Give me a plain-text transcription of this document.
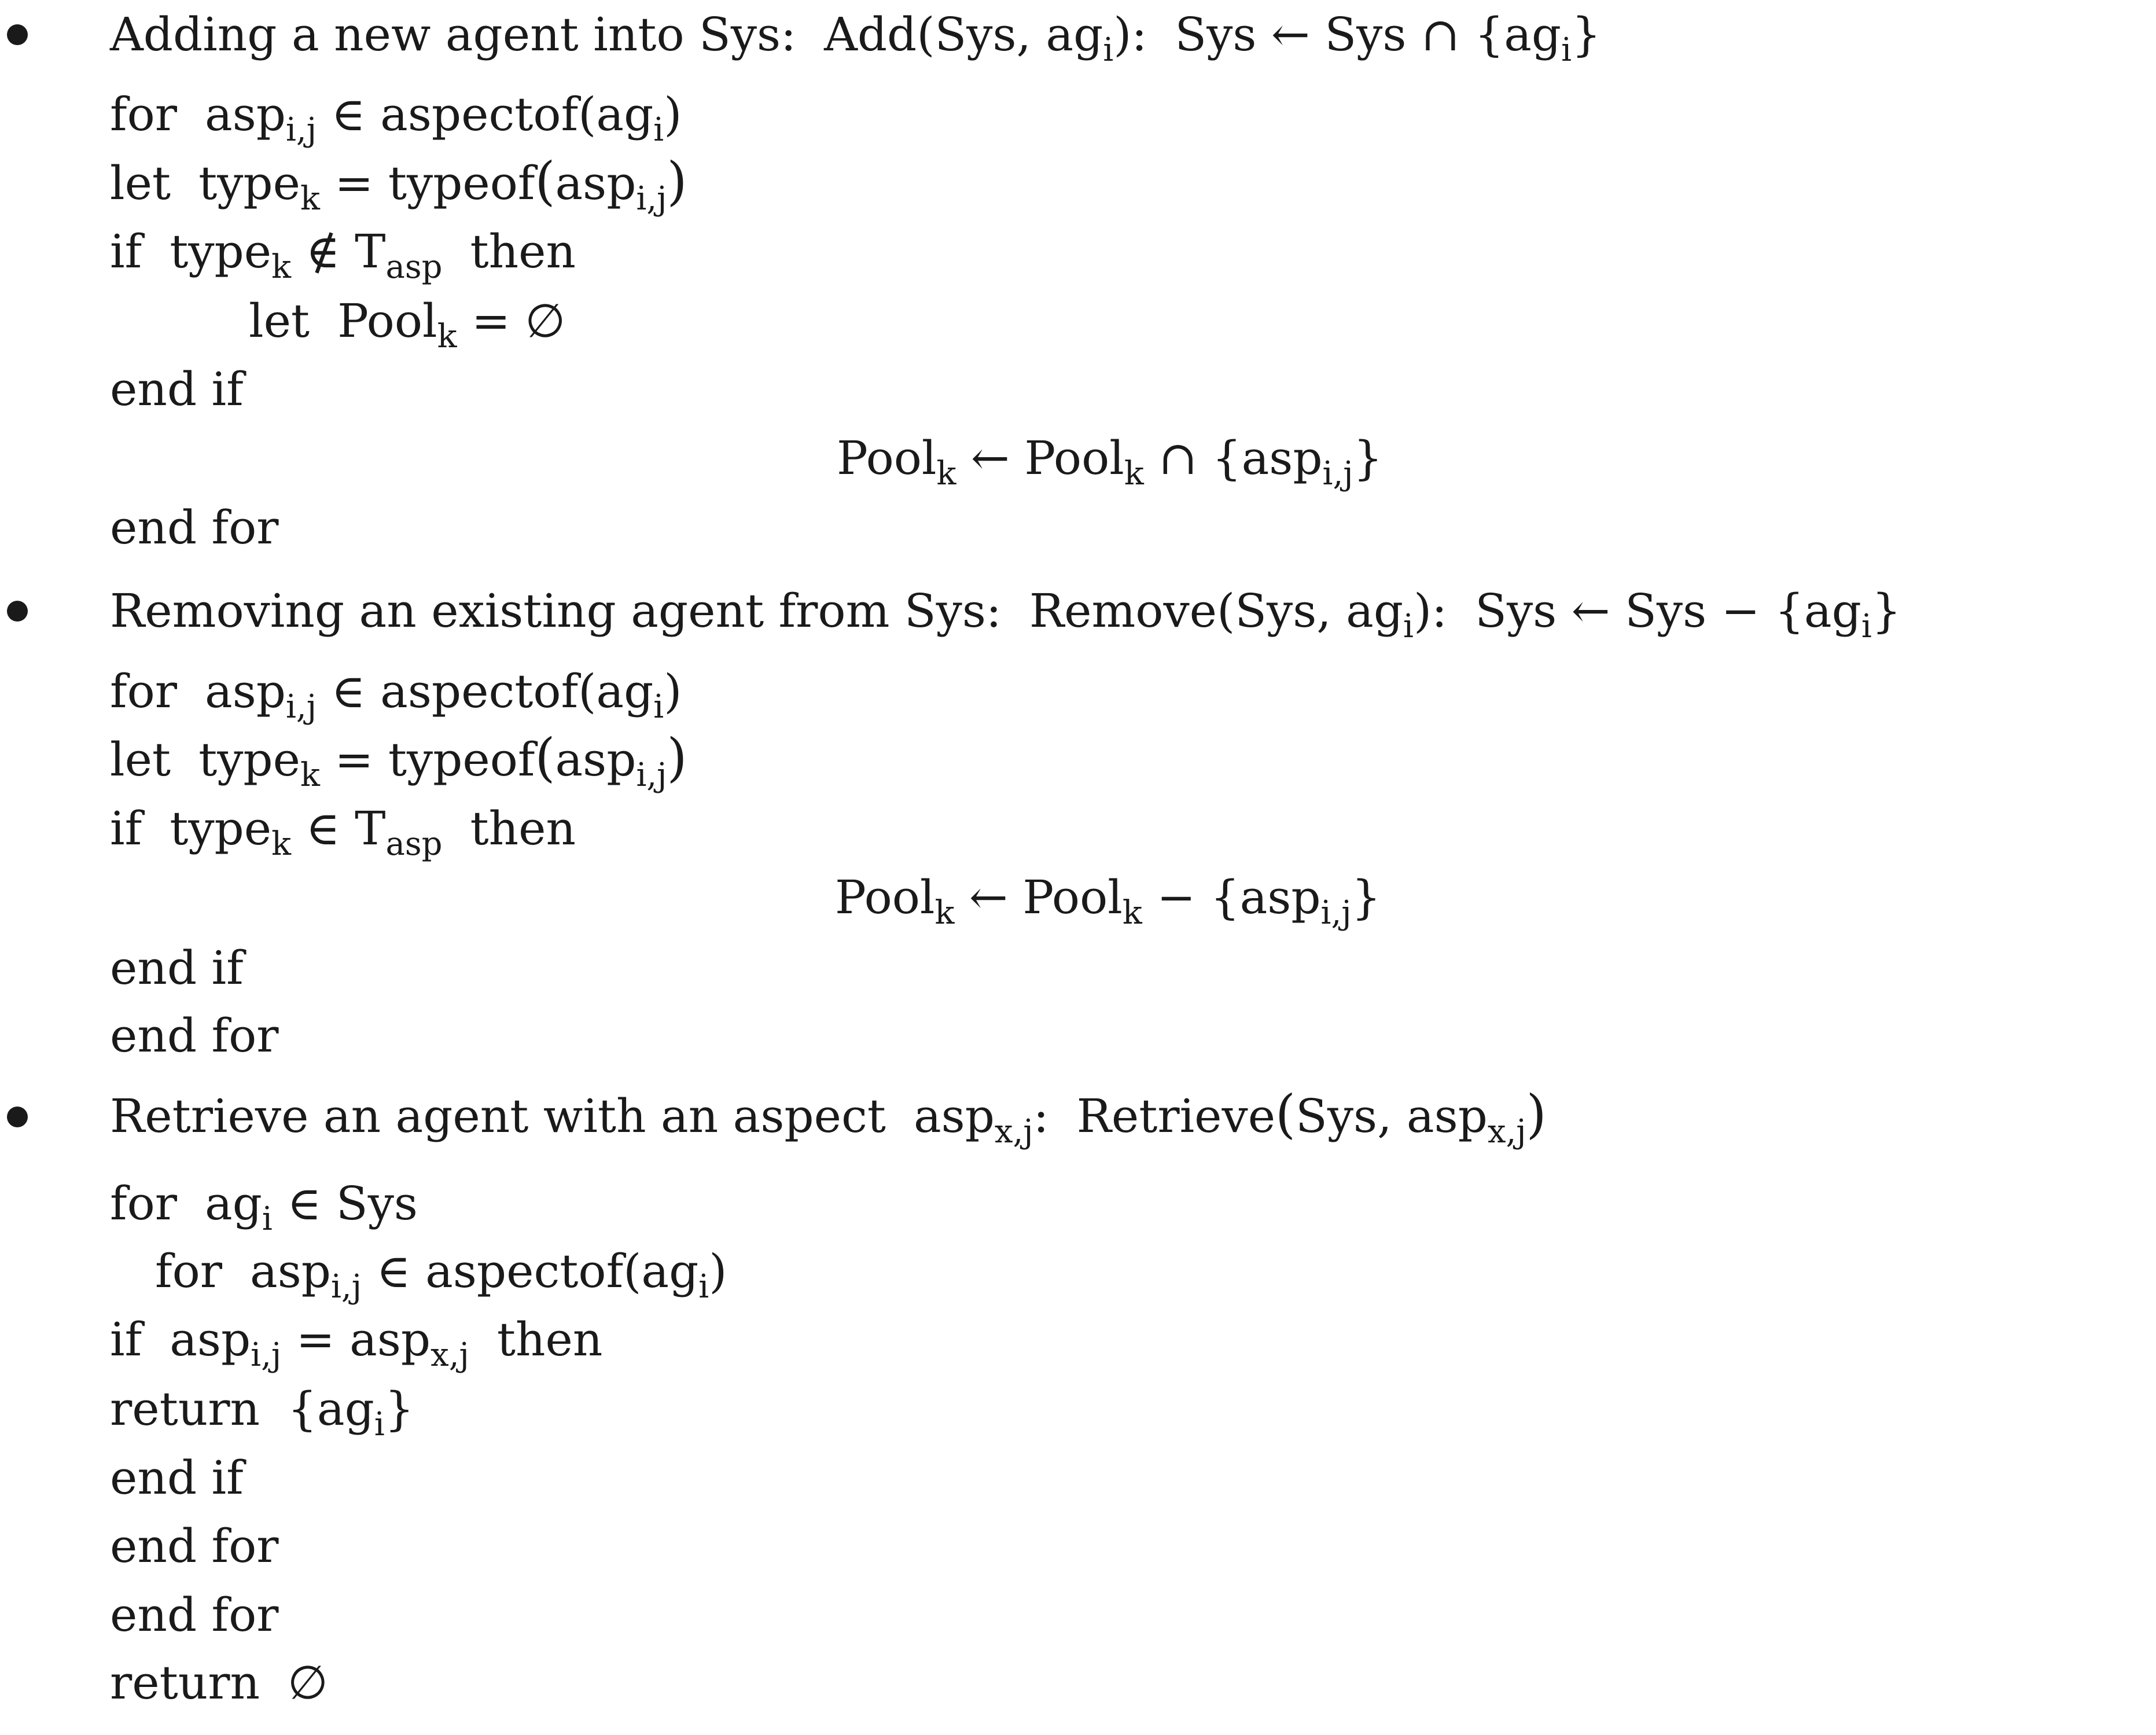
Adding a new agent into Sys: Add(Sys, $ag_i$): Sys ← Sys ∩ $\{ag_i\}$
for asp$_{i,j}$ ∈ $aspectof(ag_i)$
let type$_k$ = typeof(asp$_{i,j}$)
if type$_k$ ∉ $T_{asp}$ then
let Pool$_k$ = ∅
end if
Pool$_k$ ← Pool$_k$ ∩ {asp$_{i,j}$}
end for
Removing an existing agent from Sys: Remove(Sys, $ag_i$): Sys ← Sys − $\{ag_i\}$
for asp$_{i,j}$ ∈ $aspectof(ag_i)$
let type$_k$ = typeof(asp$_{i,j}$)
if type$_k$ ∈ $T_{asp}$ then
Pool$_k$ ← Pool$_k$ − {asp$_{i,j}$}
end if
end for
Retrieve an agent with an aspect asp$_{x,j}$: Retrieve(Sys, asp$_{x,j}$)
for $ag_i$ ∈ Sys
for asp$_{i,j}$ ∈ $aspectof(ag_i)$
if asp$_{i,j}$ = asp$_{x,j}$ then
return $\{ag_i\}$
end if
end for
end for
return ∅
